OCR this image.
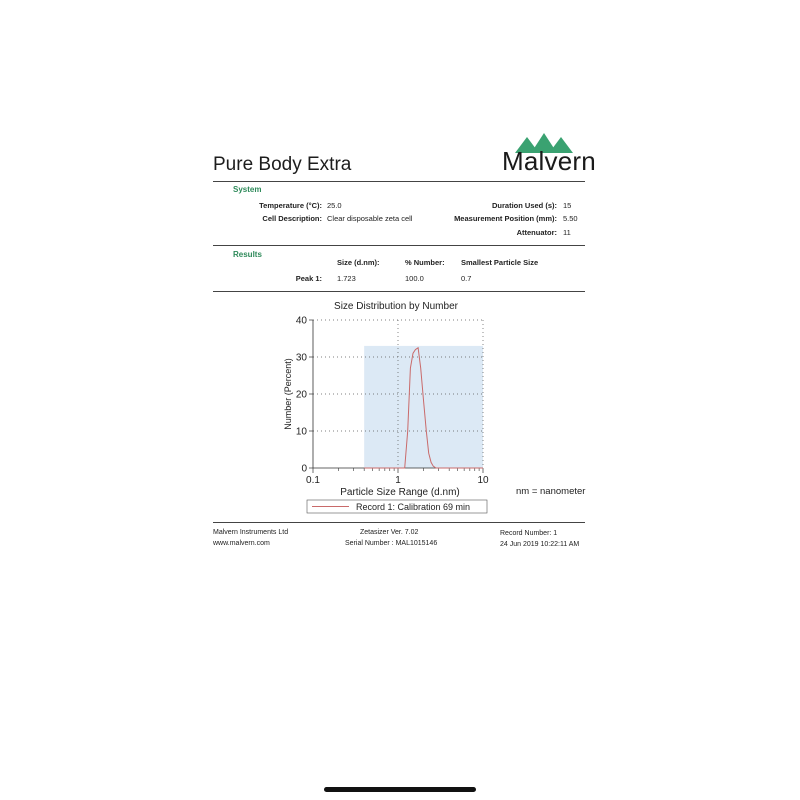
Pure Body Extra	Malvern
System
Temperature (°C): 25.0
Cell Description: Clear disposable zeta cell
Duration Used (s): 15
Measurement Position (mm): 5.50
Attenuator: 11
Results
Size (d.nm):	% Number: Smallest Particle Size
Peak 1: 1.723	100.0	0.7
Size Distribution by Number
0
10
20
30
40
0.1	1	10
Number (Percent)
Particle Size Range (d.nm)	nm = nanometer
Record 1: Calibration 69 min
Malvern Instruments Ltd
www.malvern.com
Zetasizer Ver. 7.02
Serial Number : MAL1015146
Record Number: 1
24 Jun 2019 10:22:11 AM
